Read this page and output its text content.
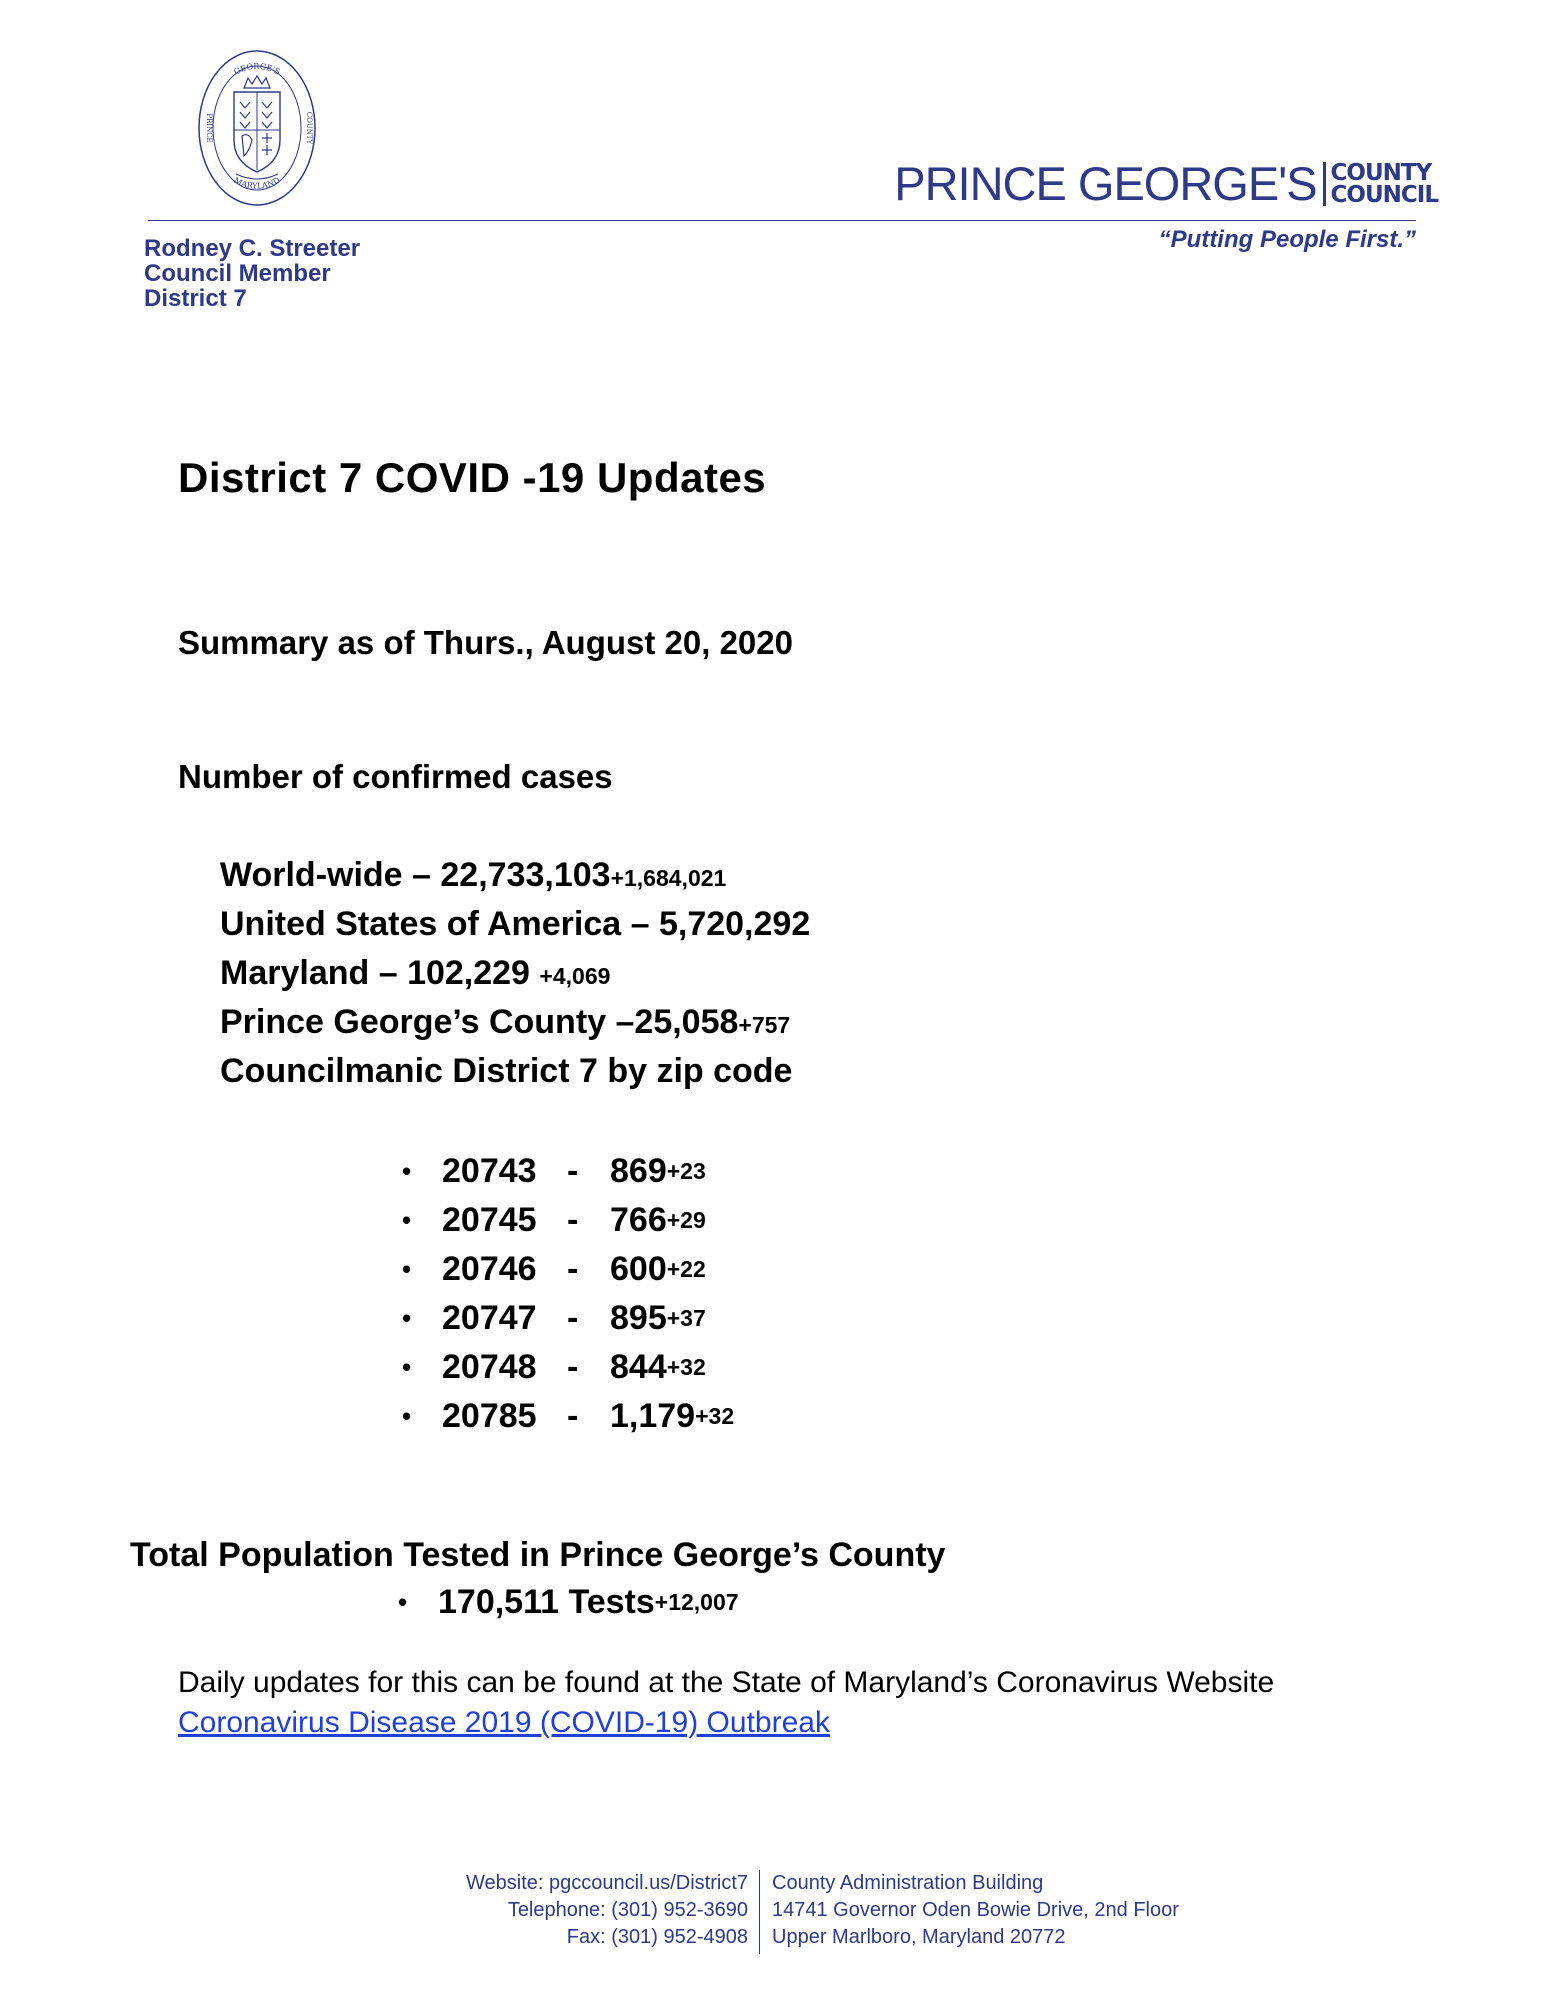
GEORGE'S
MARYLAND
PRINCE	COUNTY
PRINCE GEORGE'S COUNTY
COUNCIL
“Putting People First.”
Rodney C. Streeter
Council Member
District 7
District 7 COVID -19 Updates
Summary as of Thurs., August 20, 2020
Number of confirmed cases
World-wide – 22,733,103+1,684,021
United States of America – 5,720,292
Maryland – 102,229 +4,069
Prince George’s County –25,058+757
Councilmanic District 7 by zip code
• 20743 - 869 +23
• 20745 - 766 +29
• 20746 - 600 +22
• 20747 - 895 +37
• 20748 - 844 +32
• 20785 - 1,179 +32
Total Population Tested in Prince George’s County
• 170,511 Tests +12,007
Daily updates for this can be found at the State of Maryland’s Coronavirus Website
Coronavirus Disease 2019 (COVID-19) Outbreak
Website: pgccouncil.us/District7
Telephone: (301) 952-3690
Fax: (301) 952-4908
County Administration Building
14741 Governor Oden Bowie Drive, 2nd Floor
Upper Marlboro, Maryland 20772
